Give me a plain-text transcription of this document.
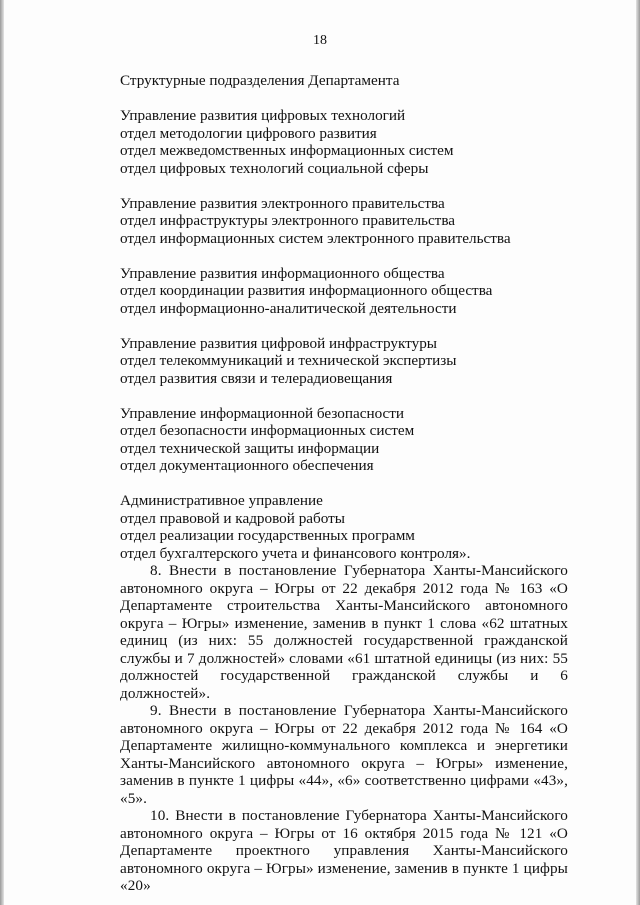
18
Структурные подразделения Департамента
Управление развития цифровых технологий
отдел методологии цифрового развития
отдел межведомственных информационных систем
отдел цифровых технологий социальной сферы
Управление развития электронного правительства
отдел инфраструктуры электронного правительства
отдел информационных систем электронного правительства
Управление развития информационного общества
отдел координации развития информационного общества
отдел информационно-аналитической деятельности
Управление развития цифровой инфраструктуры
отдел телекоммуникаций и технической экспертизы
отдел развития связи и телерадиовещания
Управление информационной безопасности
отдел безопасности информационных систем
отдел технической защиты информации
отдел документационного обеспечения
Административное управление
отдел правовой и кадровой работы
отдел реализации государственных программ
отдел бухгалтерского учета и финансового контроля».

8. Внести в постановление Губернатора Ханты-Мансийского автономного округа – Югры от 22 декабря 2012 года № 163 «О Департаменте строительства Ханты-Мансийского автономного округа – Югры» изменение, заменив в пункт 1 слова «62 штатных единиц (из них: 55 должностей государственной гражданской службы и 7 должностей» словами «61 штатной единицы (из них: 55 должностей государственной гражданской службы и 6 должностей».

9. Внести в постановление Губернатора Ханты-Мансийского автономного округа – Югры от 22 декабря 2012 года № 164 «О Департаменте жилищно-коммунального комплекса и энергетики Ханты-Мансийского автономного округа – Югры» изменение, заменив в пункте 1 цифры «44», «6» соответственно цифрами «43», «5».

10. Внести в постановление Губернатора Ханты-Мансийского автономного округа – Югры от 16 октября 2015 года № 121 «О Департаменте проектного управления Ханты-Мансийского автономного округа – Югры» изменение, заменив в пункте 1 цифры «20»
